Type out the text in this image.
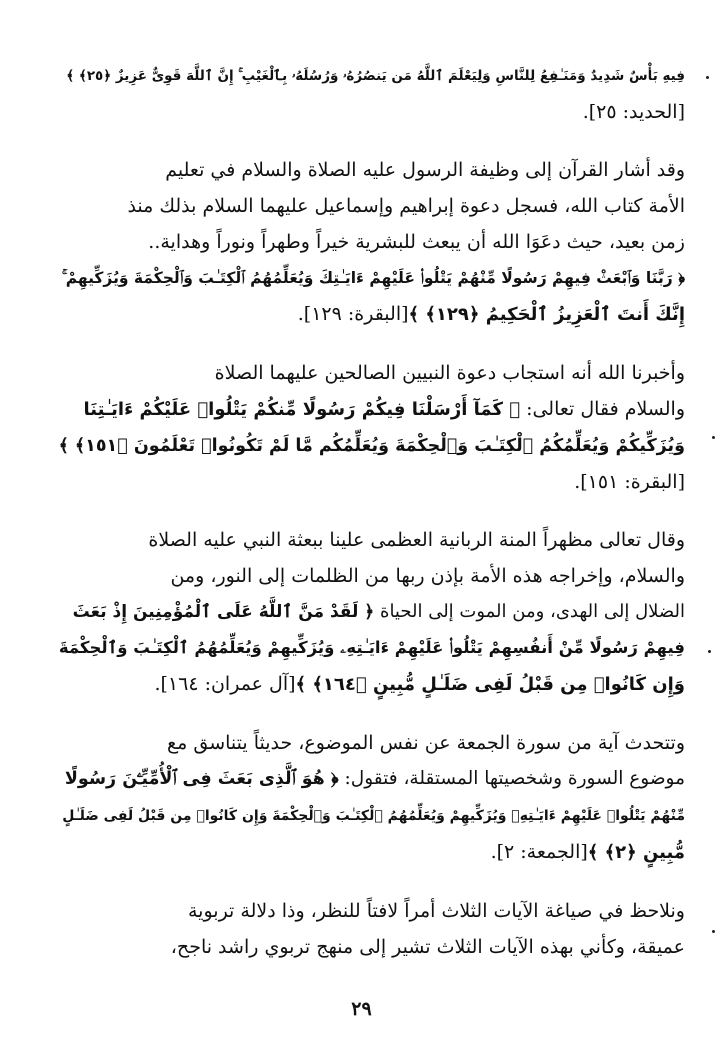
فِيهِ بَأْسٌ شَدِيدٌ وَمَنَـٰفِعُ لِلنَّاسِ وَلِيَعْلَمَ ٱللَّهُ مَن يَنصُرُهُۥ وَرُسُلَهُۥ بِٱلْغَيْبِ ۚ إِنَّ ٱللَّهَ قَوِىٌّ عَزِيزٌ ﴿٢٥﴾ ﴾
[الحديد: ٢٥].
وقد أشار القرآن إلى وظيفة الرسول عليه الصلاة والسلام في تعليم
الأمة كتاب الله، فسجل دعوة إبراهيم وإسماعيل عليهما السلام بذلك منذ
زمن بعيد، حيث دعَوَا الله أن يبعث للبشرية خيراً وطهراً ونوراً وهداية..
﴿ رَبَّنَا وَٱبْعَثْ فِيهِمْ رَسُولًا مِّنْهُمْ يَتْلُوا۟ عَلَيْهِمْ ءَايَـٰتِكَ وَيُعَلِّمُهُمُ ٱلْكِتَـٰبَ وَٱلْحِكْمَةَ وَيُزَكِّيهِمْ ۚ
إِنَّكَ أَنتَ ٱلْعَزِيزُ ٱلْحَكِيمُ ﴿١٢٩﴾ ﴾[البقرة: ١٢٩].
وأخبرنا الله أنه استجاب دعوة النبيين الصالحين عليهما الصلاة
والسلام فقال تعالى: ﴿ كَمَآ أَرْسَلْنَا فِيكُمْ رَسُولًا مِّنكُمْ يَتْلُوا۟ عَلَيْكُمْ ءَايَـٰتِنَا
وَيُزَكِّيكُمْ وَيُعَلِّمُكُمُ ٱلْكِتَـٰبَ وَٱلْحِكْمَةَ وَيُعَلِّمُكُم مَّا لَمْ تَكُونُوا۟ تَعْلَمُونَ ﴿١٥١﴾ ﴾
[البقرة: ١٥١].
وقال تعالى مظهراً المنة الربانية العظمى علينا ببعثة النبي عليه الصلاة
والسلام، وإخراجه هذه الأمة بإذن ربها من الظلمات إلى النور، ومن
الضلال إلى الهدى، ومن الموت إلى الحياة ﴿ لَقَدْ مَنَّ ٱللَّهُ عَلَى ٱلْمُؤْمِنِينَ إِذْ بَعَثَ
فِيهِمْ رَسُولًا مِّنْ أَنفُسِهِمْ يَتْلُوا۟ عَلَيْهِمْ ءَايَـٰتِهِۦ وَيُزَكِّيهِمْ وَيُعَلِّمُهُمُ ٱلْكِتَـٰبَ وَٱلْحِكْمَةَ
وَإِن كَانُوا۟ مِن قَبْلُ لَفِى ضَلَـٰلٍ مُّبِينٍ ﴿١٦٤﴾ ﴾[آل عمران: ١٦٤].
وتتحدث آية من سورة الجمعة عن نفس الموضوع، حديثاً يتناسق مع
موضوع السورة وشخصيتها المستقلة، فتقول: ﴿ هُوَ ٱلَّذِى بَعَثَ فِى ٱلْأُمِّيِّـۧنَ رَسُولًا
مِّنْهُمْ يَتْلُوا۟ عَلَيْهِمْ ءَايَـٰتِهِۦ وَيُزَكِّيهِمْ وَيُعَلِّمُهُمُ ٱلْكِتَـٰبَ وَٱلْحِكْمَةَ وَإِن كَانُوا۟ مِن قَبْلُ لَفِى ضَلَـٰلٍ
مُّبِينٍ ﴿٢﴾ ﴾[الجمعة: ٢].
ونلاحظ في صياغة الآيات الثلاث أمراً لافتاً للنظر، وذا دلالة تربوية
عميقة، وكأني بهذه الآيات الثلاث تشير إلى منهج تربوي راشد ناجح،
٢٩
